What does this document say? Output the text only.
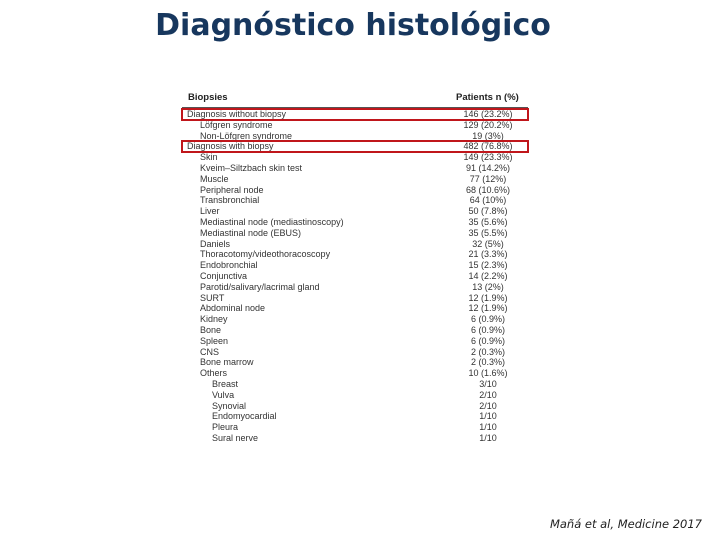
Diagnóstico histológico
Biopsies	Patients n (%)
Diagnosis without biopsy	146 (23.2%)
Löfgren syndrome	129 (20.2%)
Non-Löfgren syndrome	19 (3%)
Diagnosis with biopsy	482 (76.8%)
Skin	149 (23.3%)
Kveim–Siltzbach skin test	91 (14.2%)
Muscle	77 (12%)
Peripheral node	68 (10.6%)
Transbronchial	64 (10%)
Liver	50 (7.8%)
Mediastinal node (mediastinoscopy)	35 (5.6%)
Mediastinal node (EBUS)	35 (5.5%)
Daniels	32 (5%)
Thoracotomy/videothoracoscopy	21 (3.3%)
Endobronchial	15 (2.3%)
Conjunctiva	14 (2.2%)
Parotid/salivary/lacrimal gland	13 (2%)
SURT	12 (1.9%)
Abdominal node	12 (1.9%)
Kidney	6 (0.9%)
Bone	6 (0.9%)
Spleen	6 (0.9%)
CNS	2 (0.3%)
Bone marrow	2 (0.3%)
Others	10 (1.6%)
Breast	3/10
Vulva	2/10
Synovial	2/10
Endomyocardial	1/10
Pleura	1/10
Sural nerve	1/10
Mañá et al, Medicine 2017
